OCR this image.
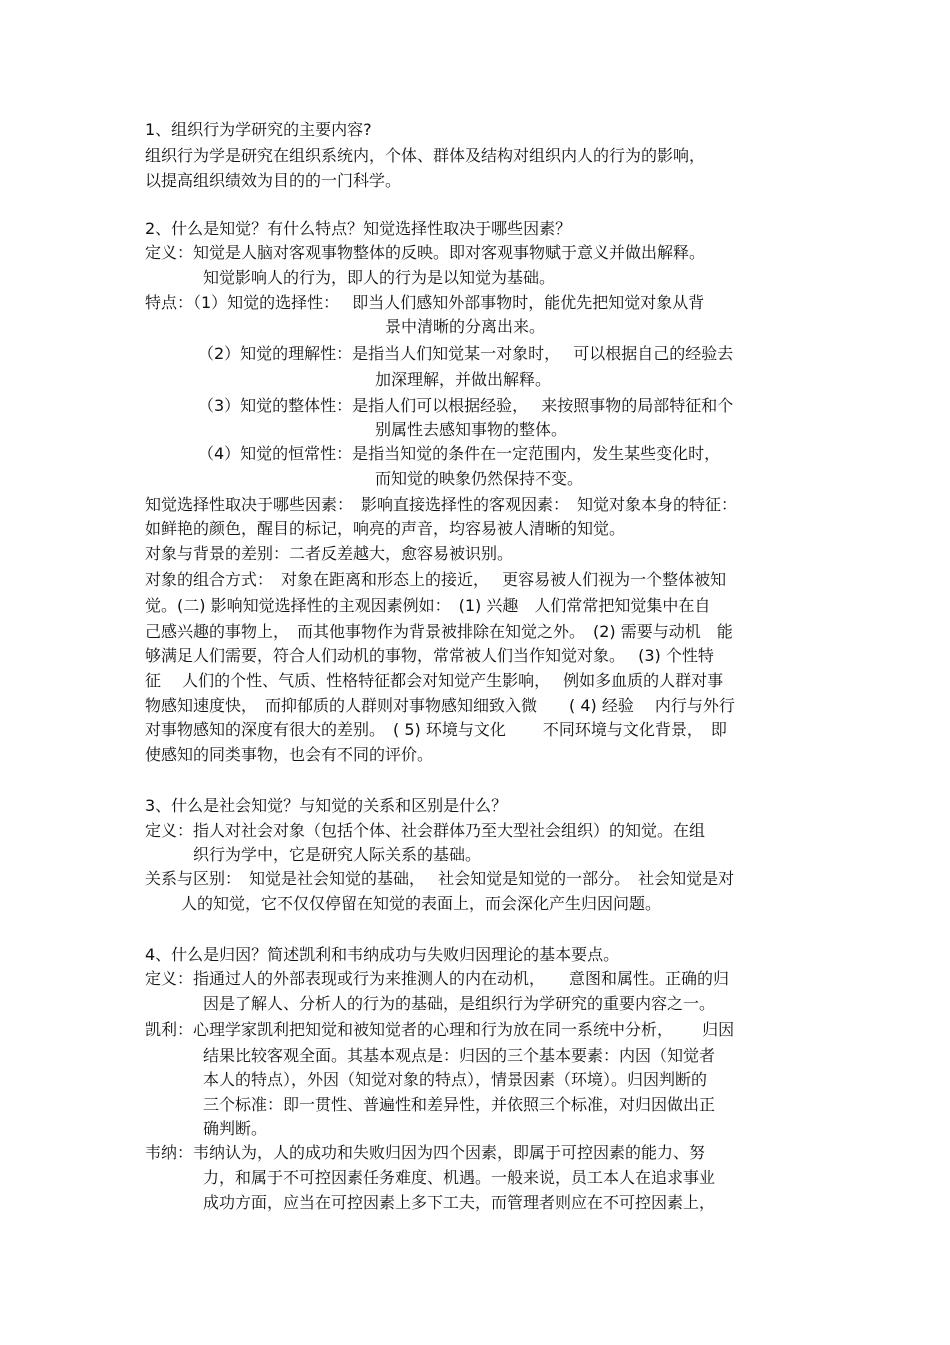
1、组织行为学研究的主要内容?
组织行为学是研究在组织系统内，个体、群体及结构对组织内人的行为的影响，
以提高组织绩效为目的的一门科学。
2、什么是知觉？有什么特点？知觉选择性取决于哪些因素？
定义：知觉是人脑对客观事物整体的反映。即对客观事物赋于意义并做出解释。
知觉影响人的行为，即人的行为是以知觉为基础。
特点：（1）知觉的选择性：　 即当人们感知外部事物时，能优先把知觉对象从背
景中清晰的分离出来。
（2）知觉的理解性：是指当人们知觉某一对象时，　 可以根据自己的经验去
加深理解，并做出解释。
（3）知觉的整体性：是指人们可以根据经验，　 来按照事物的局部特征和个
别属性去感知事物的整体。
（4）知觉的恒常性：是指当知觉的条件在一定范围内，发生某些变化时，
而知觉的映象仍然保持不变。
知觉选择性取决于哪些因素：　影响直接选择性的客观因素：　知觉对象本身的特征：
如鲜艳的颜色，醒目的标记，响亮的声音，均容易被人清晰的知觉。
对象与背景的差别：二者反差越大，愈容易被识别。
对象的组合方式：　对象在距离和形态上的接近，　 更容易被人们视为一个整体被知
觉。(二) 影响知觉选择性的主观因素例如：　(1) 兴趣　人们常常把知觉集中在自
己感兴趣的事物上，　而其他事物作为背景被排除在知觉之外。　(2) 需要与动机　能
够满足人们需要，符合人们动机的事物，常常被人们当作知觉对象。　 (3) 个性特
征　 人们的个性、气质、性格特征都会对知觉产生影响，　 例如多血质的人群对事
物感知速度快，　而抑郁质的人群则对事物感知细致入微　　( 4) 经验　 内行与外行
对事物感知的深度有很大的差别。　( 5) 环境与文化　　 不同环境与文化背景，　即
使感知的同类事物，也会有不同的评价。
3、什么是社会知觉？与知觉的关系和区别是什么？
定义：指人对社会对象（包括个体、社会群体乃至大型社会组织）的知觉。在组
织行为学中，它是研究人际关系的基础。
关系与区别：　知觉是社会知觉的基础，　 社会知觉是知觉的一部分。　社会知觉是对
人的知觉，它不仅仅停留在知觉的表面上，而会深化产生归因问题。
4、什么是归因？简述凯利和韦纳成功与失败归因理论的基本要点。
定义：指通过人的外部表现或行为来推测人的内在动机，　　意图和属性。正确的归
因是了解人、分析人的行为的基础，是组织行为学研究的重要内容之一。
凯利：心理学家凯利把知觉和被知觉者的心理和行为放在同一系统中分析，　　 归因
结果比较客观全面。其基本观点是：归因的三个基本要素：内因（知觉者
本人的特点），外因（知觉对象的特点），情景因素（环境）。归因判断的
三个标准：即一贯性、普遍性和差异性，并依照三个标准，对归因做出正
确判断。
韦纳：韦纳认为，人的成功和失败归因为四个因素，即属于可控因素的能力、努
力，和属于不可控因素任务难度、机遇。一般来说，员工本人在追求事业
成功方面，应当在可控因素上多下工夫，而管理者则应在不可控因素上，
